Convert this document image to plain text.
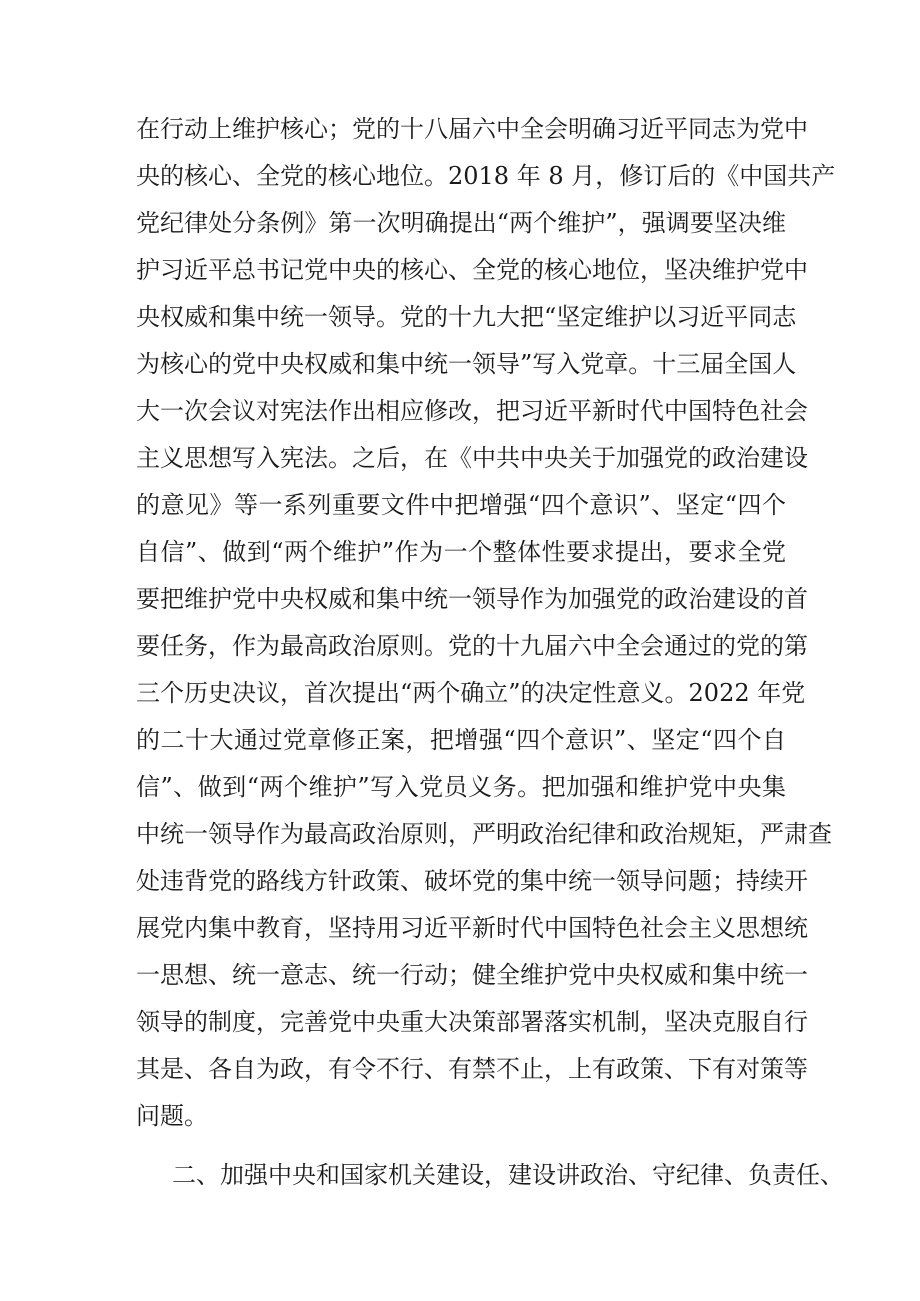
在行动上维护核心；党的十八届六中全会明确习近平同志为党中
央的核心、全党的核心地位。2018 年 8 月，修订后的《中国共产
党纪律处分条例》第一次明确提出“两个维护”，强调要坚决维
护习近平总书记党中央的核心、全党的核心地位，坚决维护党中
央权威和集中统一领导。党的十九大把“坚定维护以习近平同志
为核心的党中央权威和集中统一领导”写入党章。十三届全国人
大一次会议对宪法作出相应修改，把习近平新时代中国特色社会
主义思想写入宪法。之后，在《中共中央关于加强党的政治建设
的意见》等一系列重要文件中把增强“四个意识”、坚定“四个
自信”、做到“两个维护”作为一个整体性要求提出，要求全党
要把维护党中央权威和集中统一领导作为加强党的政治建设的首
要任务，作为最高政治原则。党的十九届六中全会通过的党的第
三个历史决议，首次提出“两个确立”的决定性意义。2022 年党
的二十大通过党章修正案，把增强“四个意识”、坚定“四个自
信”、做到“两个维护”写入党员义务。把加强和维护党中央集
中统一领导作为最高政治原则，严明政治纪律和政治规矩，严肃查
处违背党的路线方针政策、破坏党的集中统一领导问题；持续开
展党内集中教育，坚持用习近平新时代中国特色社会主义思想统
一思想、统一意志、统一行动；健全维护党中央权威和集中统一
领导的制度，完善党中央重大决策部署落实机制，坚决克服自行
其是、各自为政，有令不行、有禁不止，上有政策、下有对策等
问题。
二、加强中央和国家机关建设，建设讲政治、守纪律、负责任、
